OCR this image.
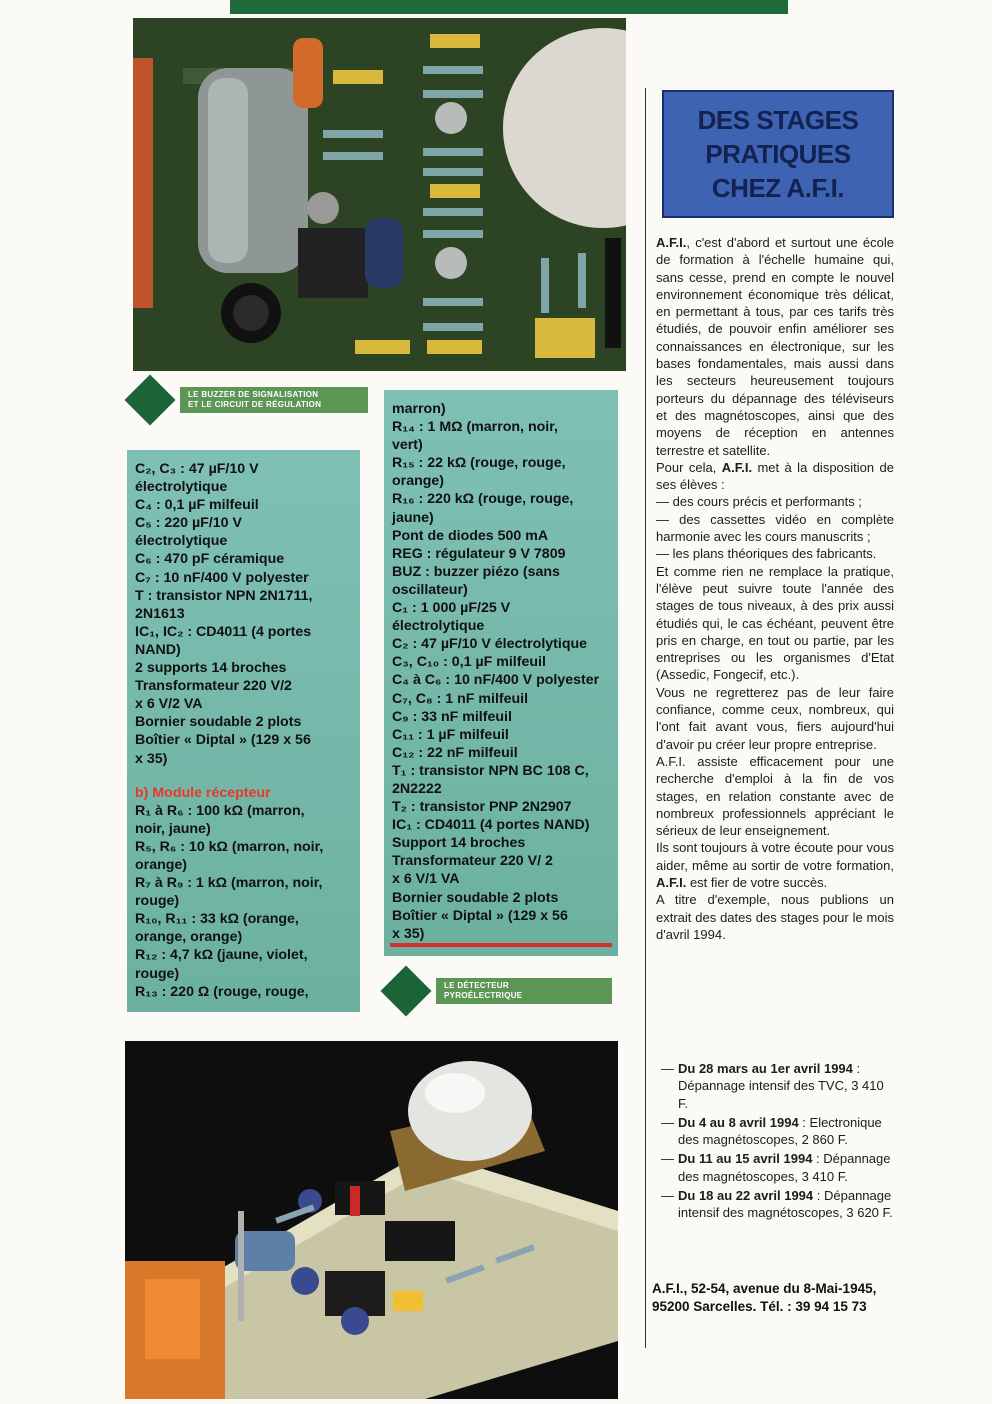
LE BUZZER DE SIGNALISATION
ET LE CIRCUIT DE RÉGULATION

C₂, C₃ : 47 µF/10 V

électrolytique

C₄ : 0,1 µF milfeuil

C₅ : 220 µF/10 V

électrolytique

C₆ : 470 pF céramique

C₇ : 10 nF/400 V polyester

T : transistor NPN 2N1711,

2N1613

IC₁, IC₂ : CD4011 (4 portes

NAND)

2 supports 14 broches

Transformateur 220 V/2

x 6 V/2 VA

Bornier soudable 2 plots

Boîtier « Diptal » (129 x 56

x 35)

b) Module récepteur

R₁ à R₆ : 100 kΩ (marron,

noir, jaune)

R₅, R₆ : 10 kΩ (marron, noir,

orange)

R₇ à R₉ : 1 kΩ (marron, noir,

rouge)

R₁₀, R₁₁ : 33 kΩ (orange,

orange, orange)

R₁₂ : 4,7 kΩ (jaune, violet,

rouge)

R₁₃ : 220 Ω (rouge, rouge,

marron)

R₁₄ : 1 MΩ (marron, noir,

vert)

R₁₅ : 22 kΩ (rouge, rouge,

orange)

R₁₆ : 220 kΩ (rouge, rouge,

jaune)

Pont de diodes 500 mA

REG : régulateur 9 V 7809

BUZ : buzzer piézo (sans

oscillateur)

C₁ : 1 000 µF/25 V

électrolytique

C₂ : 47 µF/10 V électrolytique

C₃, C₁₀ : 0,1 µF milfeuil

C₄ à C₆ : 10 nF/400 V polyester

C₇, C₈ : 1 nF milfeuil

C₉ : 33 nF milfeuil

C₁₁ : 1 µF milfeuil

C₁₂ : 22 nF milfeuil

T₁ : transistor NPN BC 108 C,

2N2222

T₂ : transistor PNP 2N2907

IC₁ : CD4011 (4 portes NAND)

Support 14 broches

Transformateur 220 V/ 2

x 6 V/1 VA

Bornier soudable 2 plots

Boîtier « Diptal » (129 x 56

x 35)

LE DÉTECTEUR
PYROÉLECTRIQUE
DES STAGES
PRATIQUES
CHEZ A.F.I.

A.F.I., c'est d'abord et surtout une école de formation à l'échelle humaine qui, sans cesse, prend en compte le nouvel environnement économique très délicat, en permettant à tous, par ces tarifs très étudiés, de pouvoir enfin améliorer ses connaissances en électronique, sur les bases fondamentales, mais aussi dans les secteurs heureusement toujours porteurs du dépannage des téléviseurs et des magnétoscopes, ainsi que des moyens de réception en antennes terrestre et satellite.

Pour cela, A.F.I. met à la disposition de ses élèves :

— des cours précis et performants ;

— des cassettes vidéo en complète harmonie avec les cours manuscrits ;

— les plans théoriques des fabricants.

Et comme rien ne remplace la pratique, l'élève peut suivre toute l'année des stages de tous niveaux, à des prix aussi étudiés qui, le cas échéant, peuvent être pris en charge, en tout ou partie, par les entreprises ou les organismes d'Etat (Assedic, Fongecif, etc.).

Vous ne regretterez pas de leur faire confiance, comme ceux, nombreux, qui l'ont fait avant vous, fiers aujourd'hui d'avoir pu créer leur propre entreprise.

A.F.I. assiste efficacement pour une recherche d'emploi à la fin de vos stages, en relation constante avec de nombreux professionnels appréciant le sérieux de leur enseignement.

Ils sont toujours à votre écoute pour vous aider, même au sortir de votre formation, A.F.I. est fier de votre succès.

A titre d'exemple, nous publions un extrait des dates des stages pour le mois d'avril 1994.

— Du 28 mars au 1er avril 1994 : Dépannage intensif des TVC, 3 410 F.
— Du 4 au 8 avril 1994 : Electronique des magnétoscopes, 2 860 F.
— Du 11 au 15 avril 1994 : Dépannage des magnétoscopes, 3 410 F.
— Du 18 au 22 avril 1994 : Dépannage intensif des magnétoscopes, 3 620 F.
A.F.I., 52-54, avenue du 8-Mai-1945, 95200 Sarcelles. Tél. : 39 94 15 73
